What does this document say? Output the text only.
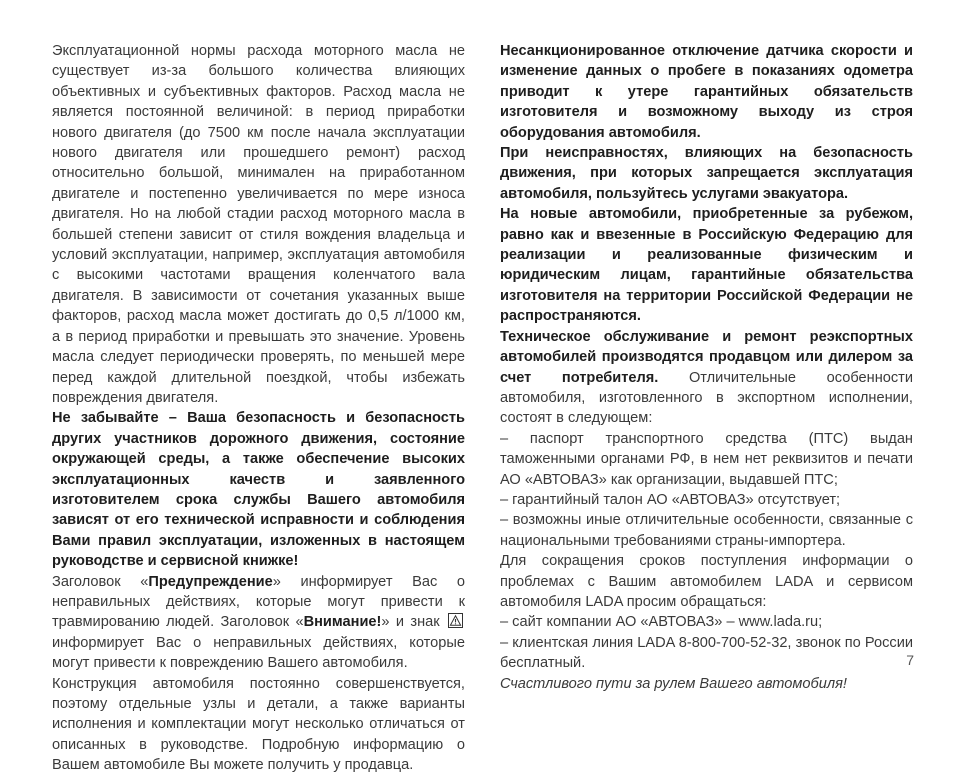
Эксплуатационной нормы расхода моторного масла не существует из-за большого количества влияющих объективных и субъективных факторов. Расход масла не является постоянной величиной: в период приработки нового двигателя (до 7500 км после начала эксплуатации нового двигателя или прошедшего ремонт) расход относительно большой, минимален на приработанном двигателе и постепенно увеличивается по мере износа двигателя. Но на любой стадии расход моторного масла в большей степени зависит от стиля вождения владельца и условий эксплуатации, например, эксплуатация автомобиля с высокими частотами вращения коленчатого вала двигателя. В зависимости от сочетания указанных выше факторов, расход масла может достигать до 0,5 л/1000 км, а в период приработки и превышать это значение. Уровень масла следует периодически проверять, по меньшей мере перед каждой длительной поездкой, чтобы избежать повреждения двигателя.

Не забывайте – Ваша безопасность и безопасность других участников дорожного движения, состояние окружающей среды, а также обеспечение высоких эксплуатационных качеств и заявленного изготовителем срока службы Вашего автомобиля зависят от его технической исправности и соблюдения Вами правил эксплуатации, изложенных в настоящем руководстве и сервисной книжке!

Заголовок «Предупреждение» информирует Вас о неправильных действиях, которые могут привести к травмированию людей. Заголовок «Внимание!» и знак
информирует Вас о неправильных действиях, которые могут привести к повреждению Вашего автомобиля.

Конструкция автомобиля постоянно совершенствуется, поэтому отдельные узлы и детали, а также варианты исполнения и комплектации могут несколько отличаться от описанных в руководстве. Подробную информацию о Вашем автомобиле Вы можете получить у продавца.

Несанкционированное отключение датчика скорости и изменение данных о пробеге в показаниях одометра приводит к утере гарантийных обязательств изготовителя и возможному выходу из строя оборудования автомобиля.

При неисправностях, влияющих на безопасность движения, при которых запрещается эксплуатация автомобиля, пользуйтесь услугами эвакуатора.

На новые автомобили, приобретенные за рубежом, равно как и ввезенные в Российскую Федерацию для реализации и реализованные физическим и юридическим лицам, гарантийные обязательства изготовителя на территории Российской Федерации не распространяются.

Техническое обслуживание и ремонт реэкспортных автомобилей производятся продавцом или дилером за счет потребителя. Отличительные особенности автомобиля, изготовленного в экспортном исполнении, состоят в следующем:

– паспорт транспортного средства (ПТС) выдан таможенными органами РФ, в нем нет реквизитов и печати АО «АВТОВАЗ» как организации, выдавшей ПТС;

– гарантийный талон АО «АВТОВАЗ» отсутствует;

– возможны иные отличительные особенности, связанные с национальными требованиями страны-импортера.

Для сокращения сроков поступления информации о проблемах с Вашим автомобилем LADA и сервисом автомобиля LADA просим обращаться:

– сайт компании АО «АВТОВАЗ» – www.lada.ru;

– клиентская линия LADA 8-800-700-52-32, звонок по России бесплатный.

Счастливого пути за рулем Вашего автомобиля!

7
